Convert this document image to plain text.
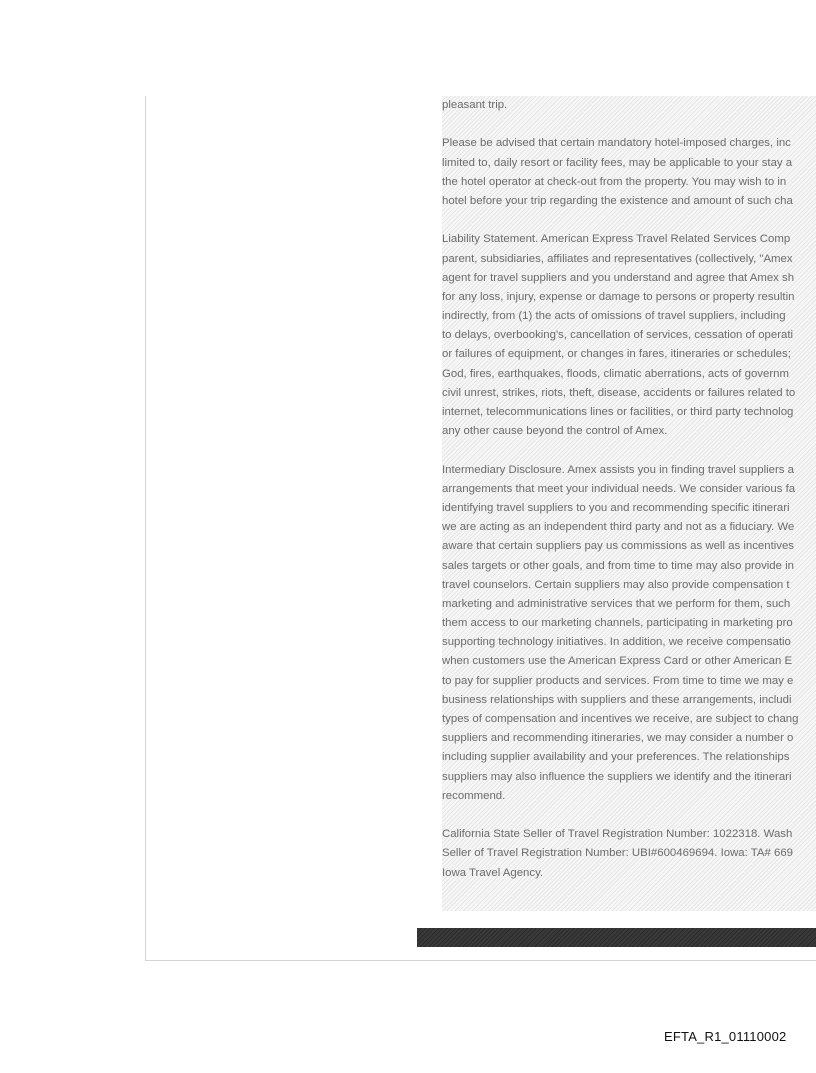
pleasant trip.
Please be advised that certain mandatory hotel-imposed charges, inc
limited to, daily resort or facility fees, may be applicable to your stay a
the hotel operator at check-out from the property. You may wish to in
hotel before your trip regarding the existence and amount of such cha
Liability Statement. American Express Travel Related Services Comp
parent, subsidiaries, affiliates and representatives (collectively, "Amex
agent for travel suppliers and you understand and agree that Amex sh
for any loss, injury, expense or damage to persons or property resultin
indirectly, from (1) the acts of omissions of travel suppliers, including
to delays, overbooking's, cancellation of services, cessation of operati
or failures of equipment, or changes in fares, itineraries or schedules;
God, fires, earthquakes, floods, climatic aberrations, acts of governm
civil unrest, strikes, riots, theft, disease, accidents or failures related to
internet, telecommunications lines or facilities, or third party technolog
any other cause beyond the control of Amex.
Intermediary Disclosure. Amex assists you in finding travel suppliers a
arrangements that meet your individual needs. We consider various fa
identifying travel suppliers to you and recommending specific itinerari
we are acting as an independent third party and not as a fiduciary. We
aware that certain suppliers pay us commissions as well as incentives
sales targets or other goals, and from time to time may also provide in
travel counselors. Certain suppliers may also provide compensation t
marketing and administrative services that we perform for them, such
them access to our marketing channels, participating in marketing pro
supporting technology initiatives. In addition, we receive compensatio
when customers use the American Express Card or other American E
to pay for supplier products and services. From time to time we may e
business relationships with suppliers and these arrangements, includi
types of compensation and incentives we receive, are subject to chang
suppliers and recommending itineraries, we may consider a number o
including supplier availability and your preferences. The relationships
suppliers may also influence the suppliers we identify and the itinerari
recommend.
California State Seller of Travel Registration Number: 1022318. Wash
Seller of Travel Registration Number: UBI#600469694. Iowa: TA# 669
Iowa Travel Agency.
EFTA_R1_01110002
